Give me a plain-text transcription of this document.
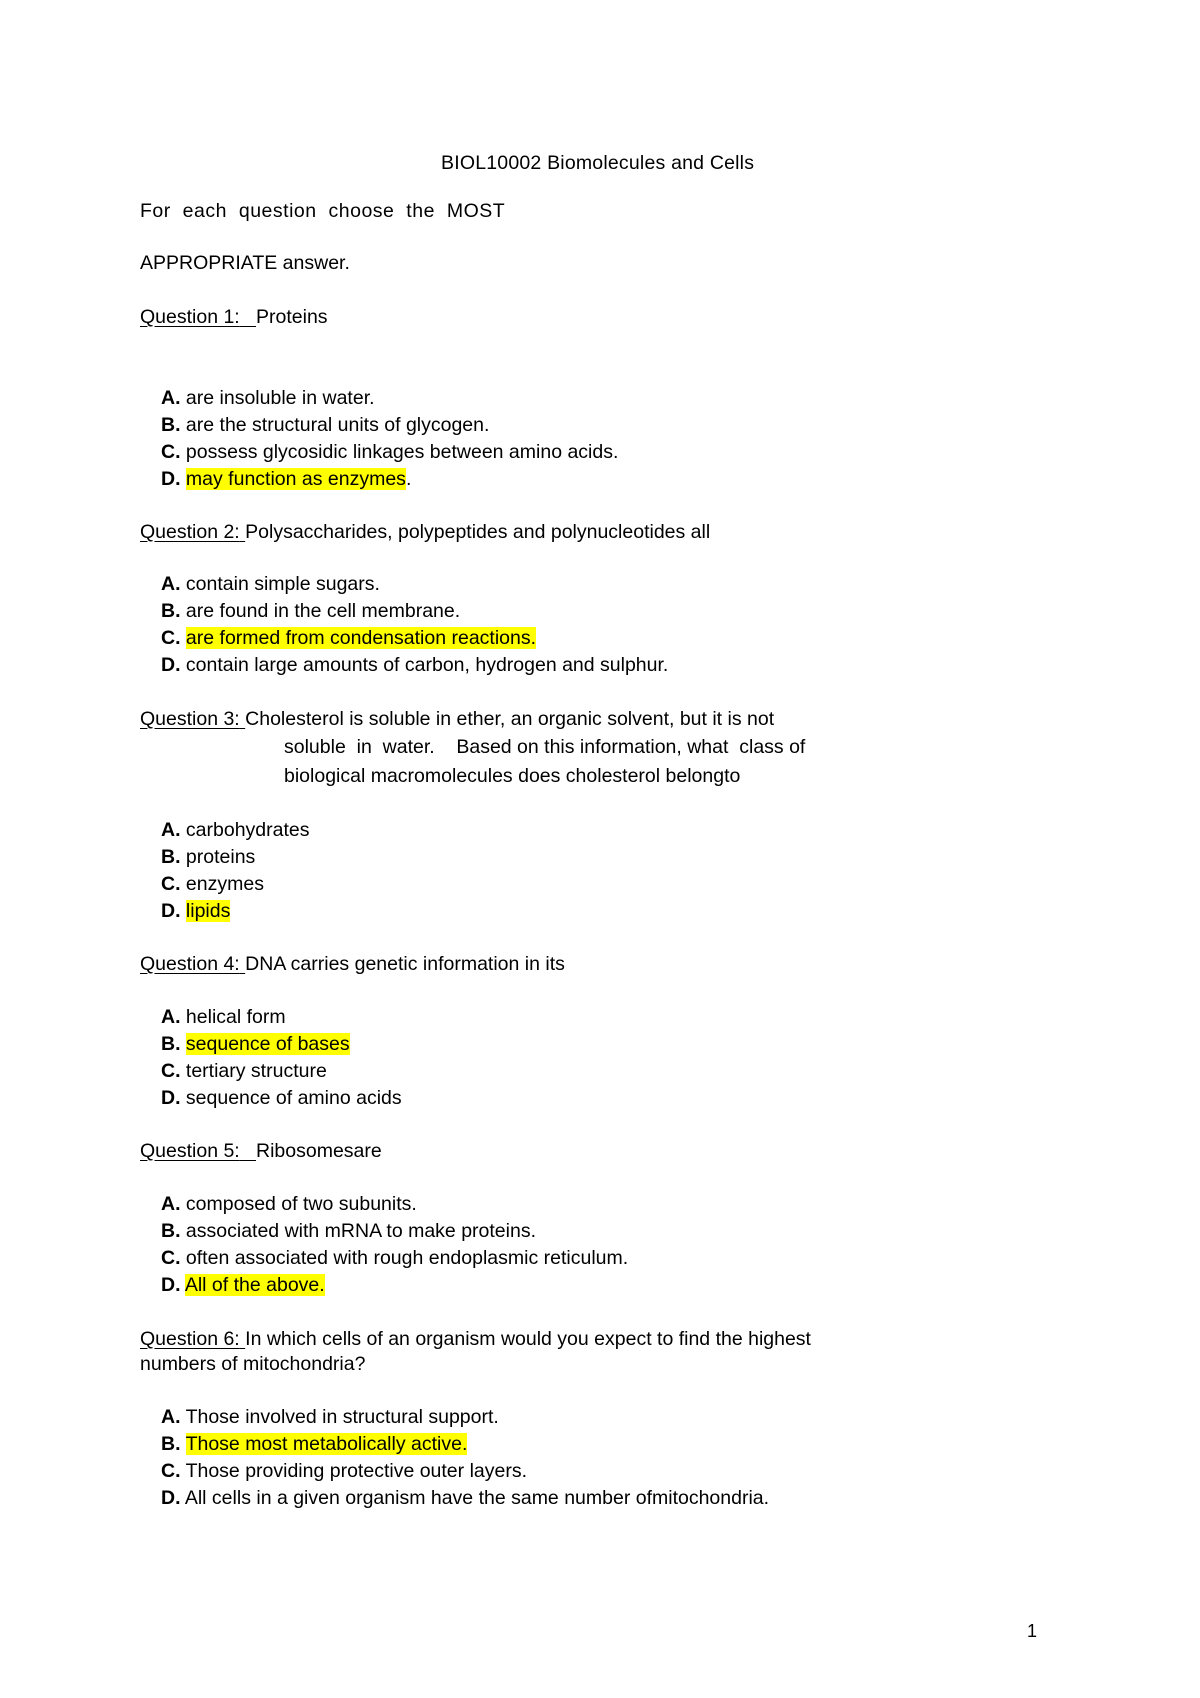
BIOL10002 Biomolecules and Cells
For each question choose the MOST
APPROPRIATE answer.
Question 1: Proteins
A. are insoluble in water.
B. are the structural units of glycogen.
C. possess glycosidic linkages between amino acids.
D. may function as enzymes.
Question 2: Polysaccharides, polypeptides and polynucleotides all
A. contain simple sugars.
B. are found in the cell membrane.
C. are formed from condensation reactions.
D. contain large amounts of carbon, hydrogen and sulphur.
Question 3: Cholesterol is soluble in ether, an organic solvent, but it is not
soluble  in  water.    Based on this information, what  class of
biological macromolecules does cholesterol belongto
A. carbohydrates
B. proteins
C. enzymes
D. lipids
Question 4: DNA carries genetic information in its
A. helical form
B. sequence of bases
C. tertiary structure
D. sequence of amino acids
Question 5: Ribosomesare
A. composed of two subunits.
B. associated with mRNA to make proteins.
C. often associated with rough endoplasmic reticulum.
D. All of the above.
Question 6: In which cells of an organism would you expect to find the highest
numbers of mitochondria?
A. Those involved in structural support.
B. Those most metabolically active.
C. Those providing protective outer layers.
D. All cells in a given organism have the same number ofmitochondria.
1
